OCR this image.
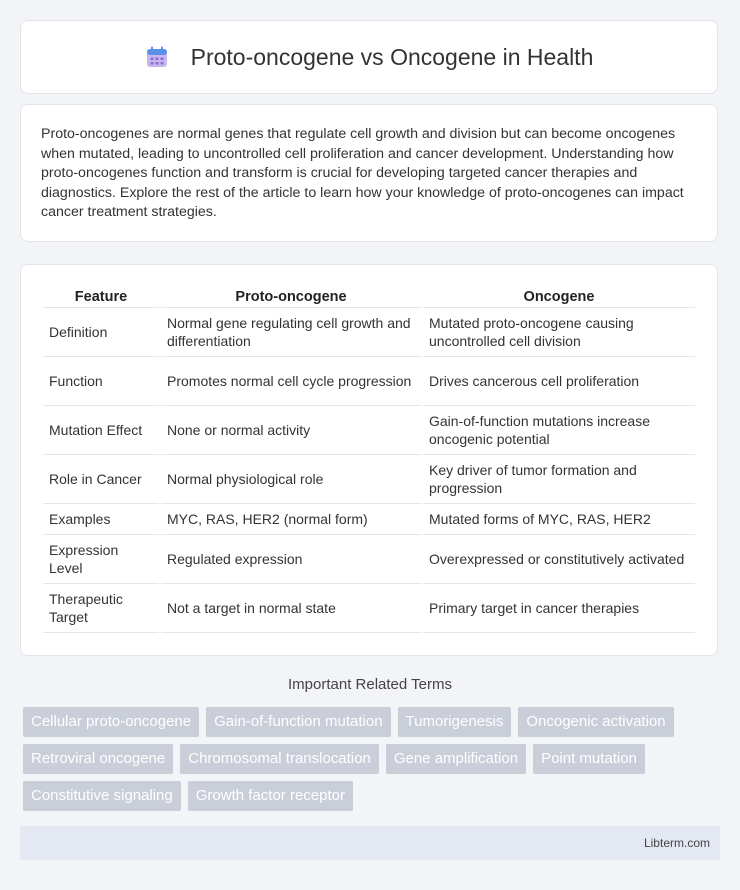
Proto-oncogene vs Oncogene in Health

Proto-oncogenes are normal genes that regulate cell growth and division but can become oncogenes when mutated, leading to uncontrolled cell proliferation and cancer development. Understanding how proto-oncogenes function and transform is crucial for developing targeted cancer therapies and diagnostics. Explore the rest of the article to learn how your knowledge of proto-oncogenes can impact cancer treatment strategies.

Feature	Proto-oncogene	Oncogene
Definition	Normal gene regulating cell growth and differentiation	Mutated proto-oncogene causing uncontrolled cell division
Function	Promotes normal cell cycle progression	Drives cancerous cell proliferation
Mutation Effect	None or normal activity	Gain-of-function mutations increase oncogenic potential
Role in Cancer	Normal physiological role	Key driver of tumor formation and progression
Examples	MYC, RAS, HER2 (normal form)	Mutated forms of MYC, RAS, HER2
Expression Level	Regulated expression	Overexpressed or constitutively activated
Therapeutic Target	Not a target in normal state	Primary target in cancer therapies
Important Related Terms
Cellular proto-oncogene	Gain-of-function mutation	Tumorigenesis	Oncogenic activation
Retroviral oncogene	Chromosomal translocation	Gene amplification	Point mutation
Constitutive signaling	Growth factor receptor
Libterm.com
